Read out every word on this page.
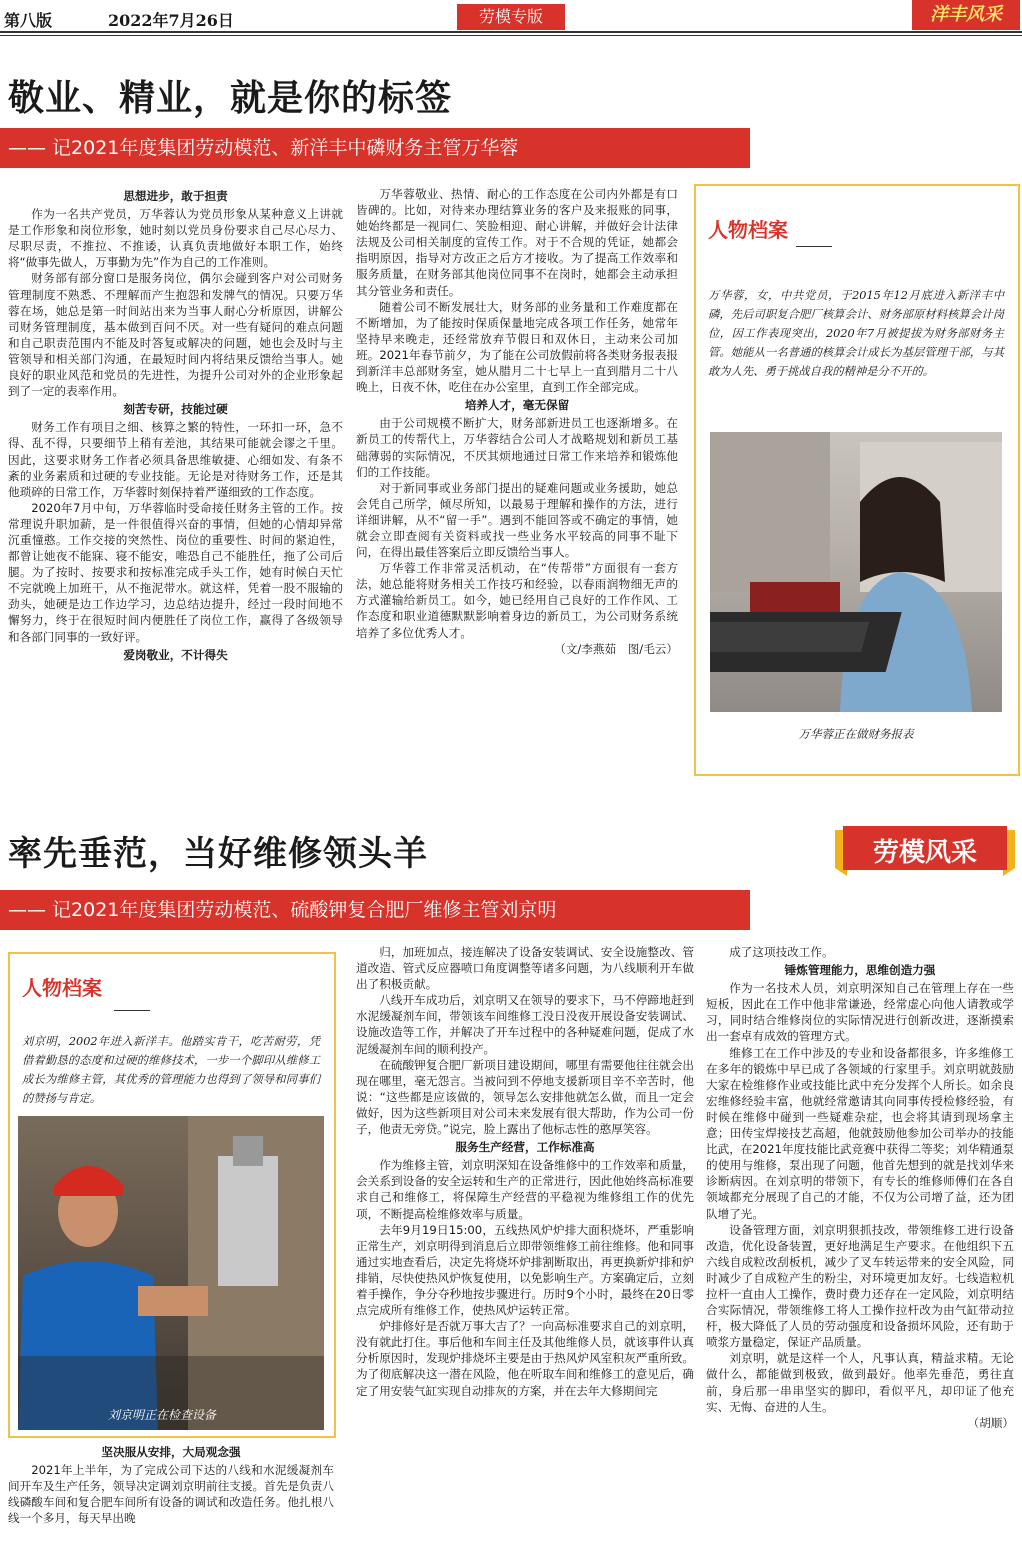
第八版	2022年7月26日	劳模专版	洋丰风采
敬业、精业，就是你的标签
—— 记2021年度集团劳动模范、新洋丰中磷财务主管万华蓉

思想进步，敢于担责

作为一名共产党员，万华蓉认为党员形象从某种意义上讲就是工作形象和岗位形象，她时刻以党员身份要求自己尽心尽力、尽职尽责，不推拉、不推诿，认真负责地做好本职工作，始终将“做事先做人，万事勤为先”作为自己的工作准则。

财务部有部分窗口是服务岗位，偶尔会碰到客户对公司财务管理制度不熟悉、不理解而产生抱怨和发牌气的情况。只要万华蓉在场，她总是第一时间站出来为当事人耐心分析原因，讲解公司财务管理制度，基本做到百问不厌。对一些有疑问的难点问题和自己职责范围内不能及时答复或解决的问题，她也会及时与主管领导和相关部门沟通，在最短时间内将结果反馈给当事人。她良好的职业风范和党员的先进性，为提升公司对外的企业形象起到了一定的表率作用。

刻苦专研，技能过硬

财务工作有项目之细、核算之繁的特性，一环扣一环，急不得、乱不得，只要细节上稍有差池，其结果可能就会谬之千里。因此，这要求财务工作者必须具备思维敏捷、心细如发、有条不紊的业务素质和过硬的专业技能。无论是对待财务工作，还是其他琐碎的日常工作，万华蓉时刻保持着严谨细致的工作态度。

2020年7月中旬，万华蓉临时受命接任财务主管的工作。按常理说升职加薪，是一件很值得兴奋的事情，但她的心情却异常沉重憧憨。工作交接的突然性、岗位的重要性、时间的紧迫性，都曾让她夜不能寐、寝不能安，唯恐自己不能胜任，拖了公司后腿。为了按时、按要求和按标准完成手头工作，她有时候白天忙不完就晚上加班干，从不拖泥带水。就这样，凭着一股不服输的劲头，她硬是边工作边学习，边总结边提升，经过一段时间地不懈努力，终于在很短时间内便胜任了岗位工作，赢得了各级领导和各部门同事的一致好评。

爱岗敬业，不计得失

万华蓉敬业、热情、耐心的工作态度在公司内外都是有口皆碑的。比如，对待来办理结算业务的客户及来报账的同事，她始终都是一视同仁、笑脸相迎、耐心讲解，并做好会计法律法规及公司相关制度的宣传工作。对于不合规的凭证，她都会指明原因，指导对方改正之后方才接收。为了提高工作效率和服务质量，在财务部其他岗位同事不在岗时，她都会主动承担其分管业务和责任。

随着公司不断发展壮大，财务部的业务量和工作难度都在不断增加，为了能按时保质保量地完成各项工作任务，她常年坚持早来晚走，还经常放弃节假日和双休日，主动来公司加班。2021年春节前夕，为了能在公司放假前将各类财务报表报到新洋丰总部财务室，她从腊月二十七早上一直到腊月二十八晚上，日夜不休，吃住在办公室里，直到工作全部完成。

培养人才，毫无保留

由于公司规模不断扩大，财务部新进员工也逐渐增多。在新员工的传帮代上，万华蓉结合公司人才战略规划和新员工基础薄弱的实际情况，不厌其烦地通过日常工作来培养和锻炼他们的工作技能。

对于新同事或业务部门提出的疑难问题或业务援助，她总会凭自己所学，倾尽所知，以最易于理解和操作的方法，进行详细讲解，从不“留一手”。遇到不能回答或不确定的事情，她就会立即查阅有关资料或找一些业务水平较高的同事不耻下问，在得出最佳答案后立即反馈给当事人。

万华蓉工作非常灵活机动，在“传帮带”方面很有一套方法，她总能将财务相关工作技巧和经验，以春雨润物细无声的方式灌输给新员工。如今，她已经用自己良好的工作作风、工作态度和职业道德默默影响着身边的新员工，为公司财务系统培养了多位优秀人才。

（文/李燕茹　图/毛云）

人物档案
万华蓉，女，中共党员，于2015年12月底进入新洋丰中磷，先后司职复合肥厂核算会计、财务部原材料核算会计岗位，因工作表现突出，2020年7月被提拔为财务部财务主管。她能从一名普通的核算会计成长为基层管理干部，与其敢为人先、勇于挑战自我的精神是分不开的。
万华蓉正在做财务报表
率先垂范，当好维修领头羊	劳模风采
—— 记2021年度集团劳动模范、硫酸钾复合肥厂维修主管刘京明
人物档案
刘京明，2002年进入新洋丰。他踏实肯干，吃苦耐劳，凭借着勤恳的态度和过硬的维修技术，一步一个脚印从维修工成长为维修主管，其优秀的管理能力也得到了领导和同事们的赞扬与肯定。
刘京明正在检查设备

坚决服从安排，大局观念强

2021年上半年，为了完成公司下达的八线和水泥缓凝剂车间开车及生产任务，领导决定调刘京明前往支援。首先是负责八线磷酸车间和复合肥车间所有设备的调试和改造任务。他扎根八线一个多月，每天早出晚

归，加班加点，接连解决了设备安装调试、安全设施整改、管道改造、管式反应器喷口角度调整等诸多问题，为八线顺利开车做出了积极贡献。

八线开车成功后，刘京明又在领导的要求下，马不停蹄地赶到水泥缓凝剂车间，带领该车间维修工没日没夜开展设备安装调试、设施改造等工作，并解决了开车过程中的各种疑难问题，促成了水泥缓凝剂车间的顺利投产。

在硫酸钾复合肥厂新项目建设期间，哪里有需要他往往就会出现在哪里，毫无怨言。当被问到不停地支援新项目辛不辛苦时，他说：“这些都是应该做的，领导怎么安排他就怎么做，而且一定会做好，因为这些新项目对公司未来发展有很大帮助，作为公司一份子，他责无旁贷。”说完，脸上露出了他标志性的憨厚笑容。

服务生产经营，工作标准高

作为维修主管，刘京明深知在设备维修中的工作效率和质量，会关系到设备的安全运转和生产的正常进行，因此他始终高标准要求自己和维修工，将保障生产经营的平稳视为维修组工作的优先项，不断提高检维修效率与质量。

去年9月19日15:00，五线热风炉炉排大面积烧坏，严重影响正常生产，刘京明得到消息后立即带领维修工前往维修。他和同事通过实地查看后，决定先将烧坏炉排割断取出，再更换新炉排和炉排销，尽快使热风炉恢复使用，以免影响生产。方案确定后，立刻着手操作，争分夺秒地按步骤进行。历时9个小时，最终在20日零点完成所有维修工作，使热风炉运转正常。

炉排修好是否就万事大吉了？一向高标准要求自己的刘京明，没有就此打住。事后他和车间主任及其他维修人员，就该事件认真分析原因时，发现炉排烧坏主要是由于热风炉风室积灰严重所致。为了彻底解决这一潜在风险，他在听取车间和维修工的意见后，确定了用安装气缸实现自动排灰的方案，并在去年大修期间完

成了这项技改工作。

锤炼管理能力，思维创造力强

作为一名技术人员，刘京明深知自己在管理上存在一些短板，因此在工作中他非常谦逊，经常虚心向他人请教或学习，同时结合维修岗位的实际情况进行创新改进，逐渐摸索出一套卓有成效的管理方式。

维修工在工作中涉及的专业和设备都很多，许多维修工在多年的锻炼中早已成了各领域的行家里手。刘京明就鼓励大家在检维修作业或技能比武中充分发挥个人所长。如余良宏维修经验丰富，他就经常邀请其向同事传授检修经验，有时候在维修中碰到一些疑难杂症，也会将其请到现场拿主意；田传宝焊接技艺高超，他就鼓励他参加公司举办的技能比武，在2021年度技能比武竞赛中获得二等奖；刘华精通泵的使用与维修，泵出现了问题，他首先想到的就是找刘华来诊断病因。在刘京明的带领下，有专长的维修师傅们在各自领域都充分展现了自己的才能，不仅为公司增了益，还为团队增了光。

设备管理方面，刘京明狠抓技改，带领维修工进行设备改造，优化设备装置，更好地满足生产要求。在他组织下五六线自成粒改刮板机，减少了叉车转运带来的安全风险，同时减少了自成粒产生的粉尘，对环境更加友好。七线造粒机拉杆一直由人工操作，费时费力还存在一定风险，刘京明结合实际情况，带领维修工将人工操作拉杆改为由气缸带动拉杆，极大降低了人员的劳动强度和设备损坏风险，还有助于喷浆方量稳定，保证产品质量。

刘京明，就是这样一个人，凡事认真，精益求精。无论做什么，都能做到极致，做到最好。他率先垂范，勇往直前，身后那一串串坚实的脚印，看似平凡，却印证了他充实、无悔、奋进的人生。

（胡顺）
